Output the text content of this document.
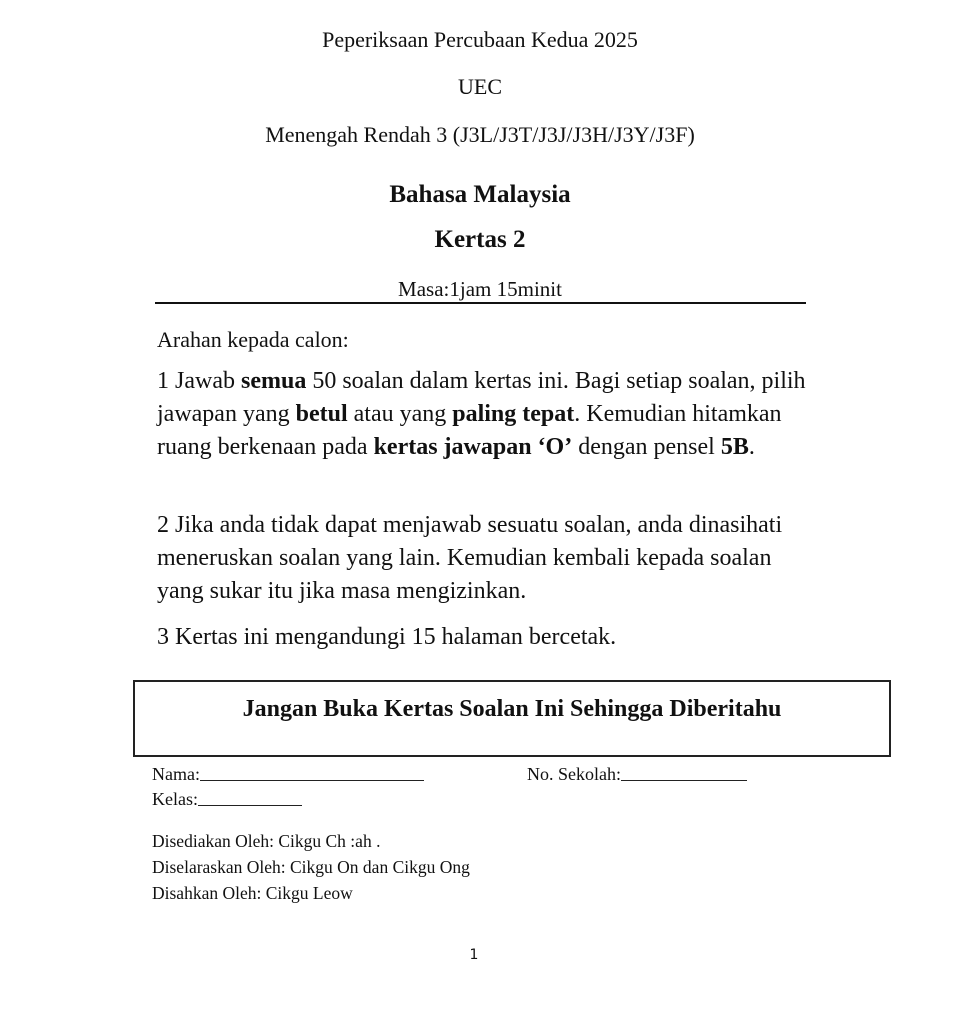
Peperiksaan Percubaan Kedua 2025
UEC
Menengah Rendah 3 (J3L/J3T/J3J/J3H/J3Y/J3F)
Bahasa Malaysia
Kertas 2
Masa:1jam 15minit
Arahan kepada calon:
1 Jawab semua 50 soalan dalam kertas ini. Bagi setiap soalan, pilih jawapan yang betul atau yang paling tepat. Kemudian hitamkan ruang berkenaan pada kertas jawapan ‘O’ dengan pensel 5B.
2 Jika anda tidak dapat menjawab sesuatu soalan, anda dinasihati meneruskan soalan yang lain. Kemudian kembali kepada soalan yang sukar itu jika masa mengizinkan.
3 Kertas ini mengandungi 15 halaman bercetak.
Jangan Buka Kertas Soalan Ini Sehingga Diberitahu
Nama:	No. Sekolah:
Kelas:
Disediakan Oleh: Cikgu Ch :ah .
Diselaraskan Oleh: Cikgu On dan Cikgu Ong
Disahkan Oleh: Cikgu Leow
1
